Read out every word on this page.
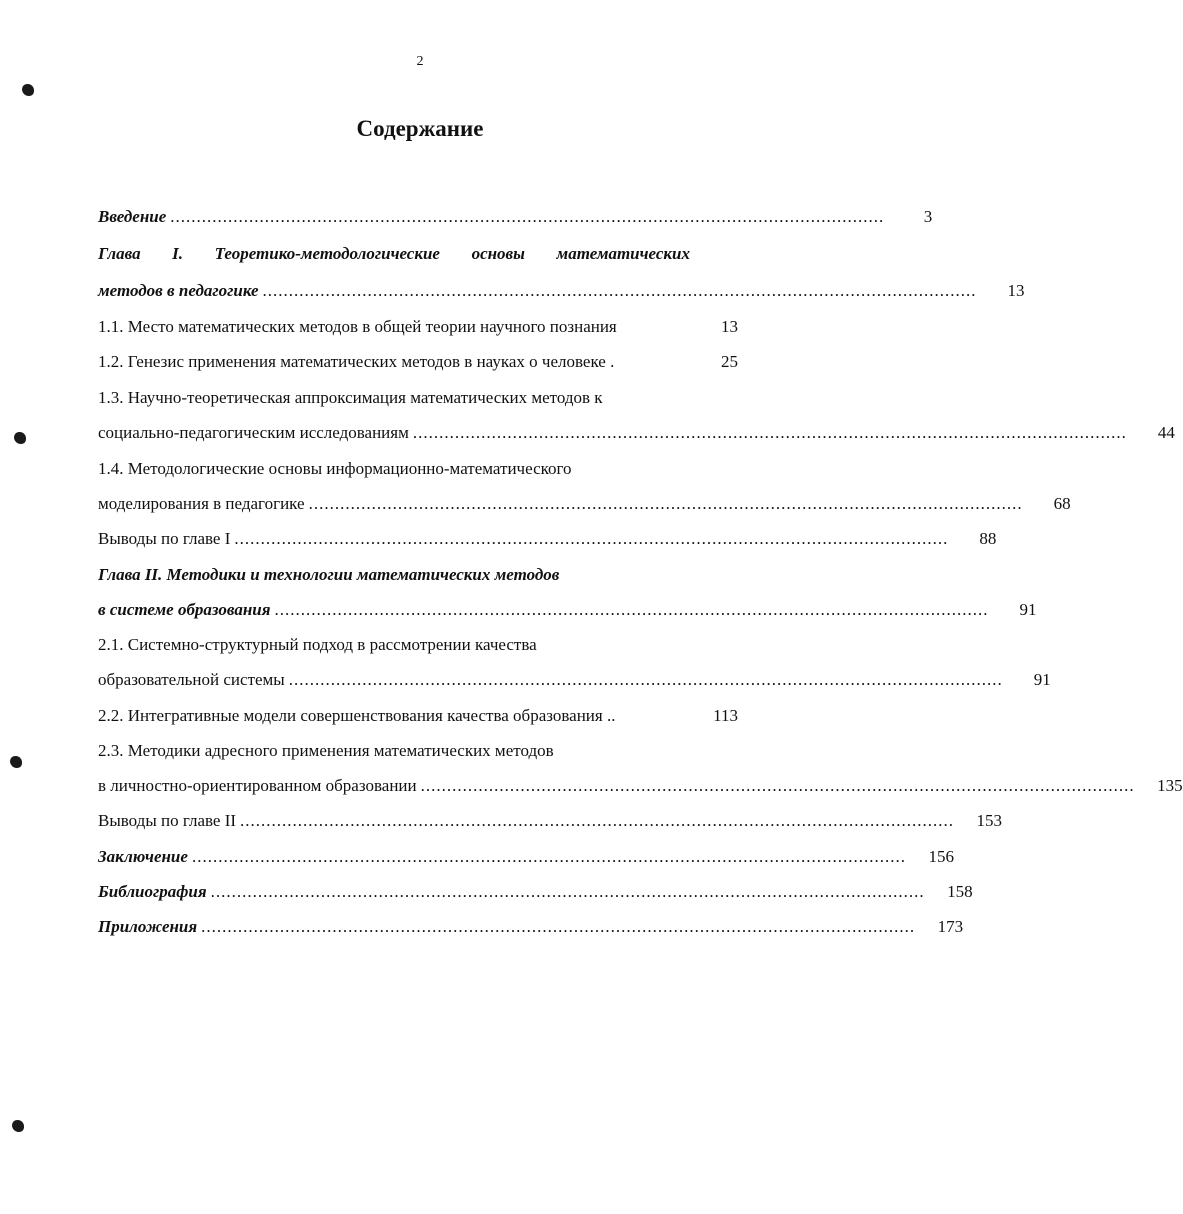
2
Содержание
Введение ........................................................................................................................................	3
Глава I. Теоретико-методологические основы математических
методов в педагогике ........................................................................................................................................	13
1.1. Место математических методов в общей теории научного познания	13
1.2. Генезис применения математических методов в науках о человеке .	25
1.3. Научно-теоретическая аппроксимация математических методов к
социально-педагогическим исследованиям ........................................................................................................................................	44
1.4. Методологические основы информационно-математического
моделирования в педагогике ........................................................................................................................................	68
Выводы по главе I ........................................................................................................................................	88
Глава II. Методики и технологии математических методов
в системе образования ........................................................................................................................................	91
2.1. Системно-структурный подход в рассмотрении качества
образовательной системы ........................................................................................................................................	91
2.2. Интегративные модели совершенствования качества образования ..	113
2.3. Методики адресного применения математических методов
в личностно-ориентированном образовании ........................................................................................................................................	135
Выводы по главе II ........................................................................................................................................	153
Заключение ........................................................................................................................................	156
Библиография ........................................................................................................................................	158
Приложения ........................................................................................................................................	173
